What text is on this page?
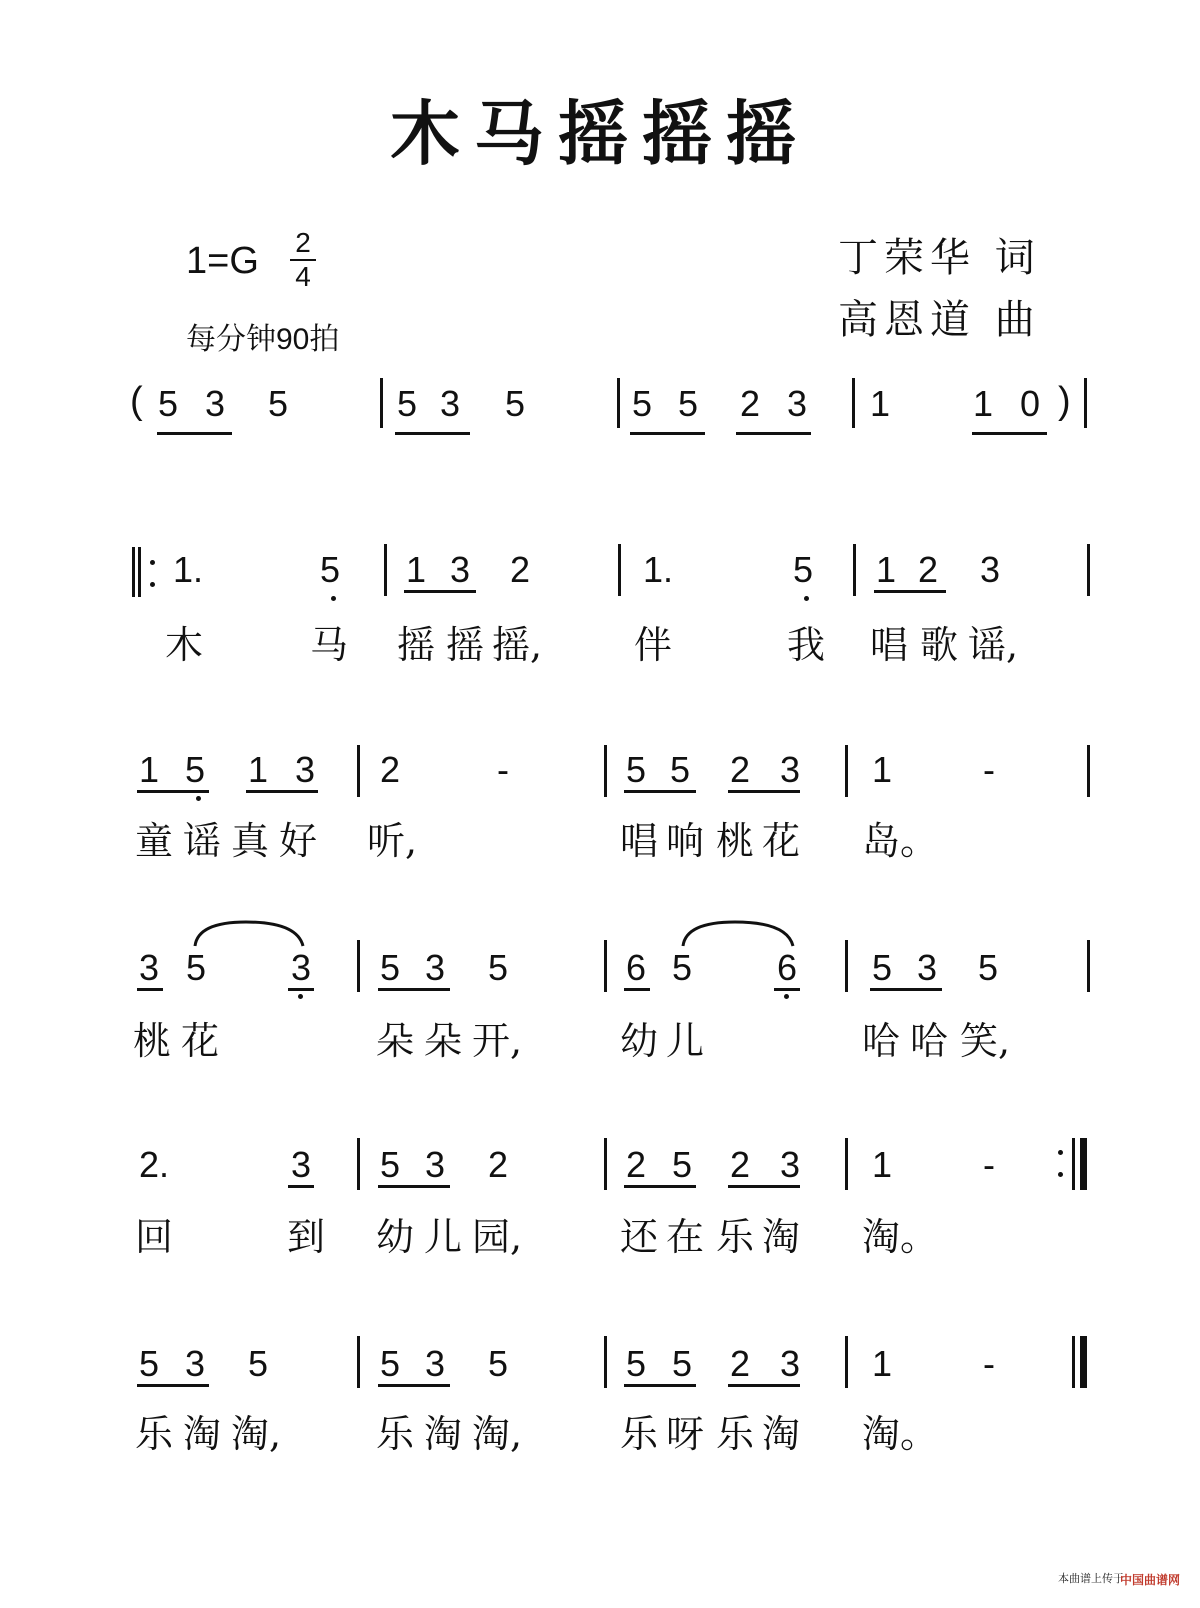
木马摇摇摇
1=G 2
4
每分钟90拍
丁荣华 词
高恩道 曲
本曲谱上传于
中国曲谱网
( 5 3 5	5 3 5	5 5 2 3 1 1 0 )
1.	5 1 3 2	1.	5 1 2 3
木	马 摇 摇 摇, 伴	我 唱 歌 谣,
1 5 1 3 2	5 5 2 3 1
-	-
童 谣 真 好 听,	唱 响 桃 花 岛。
3 5 3 5 3 5	6 5 6 5 3 5
桃 花	朵 朵 开,	幼 儿	哈 哈 笑,
2.	3 5 3 2	2 5 2 3 1	-
回	到 幼 儿 园,	还 在 乐 淘 淘。
5 3 5	5 3 5	5 5 2 3 1	-
乐 淘 淘, 乐 淘 淘,	乐 呀 乐 淘 淘。
